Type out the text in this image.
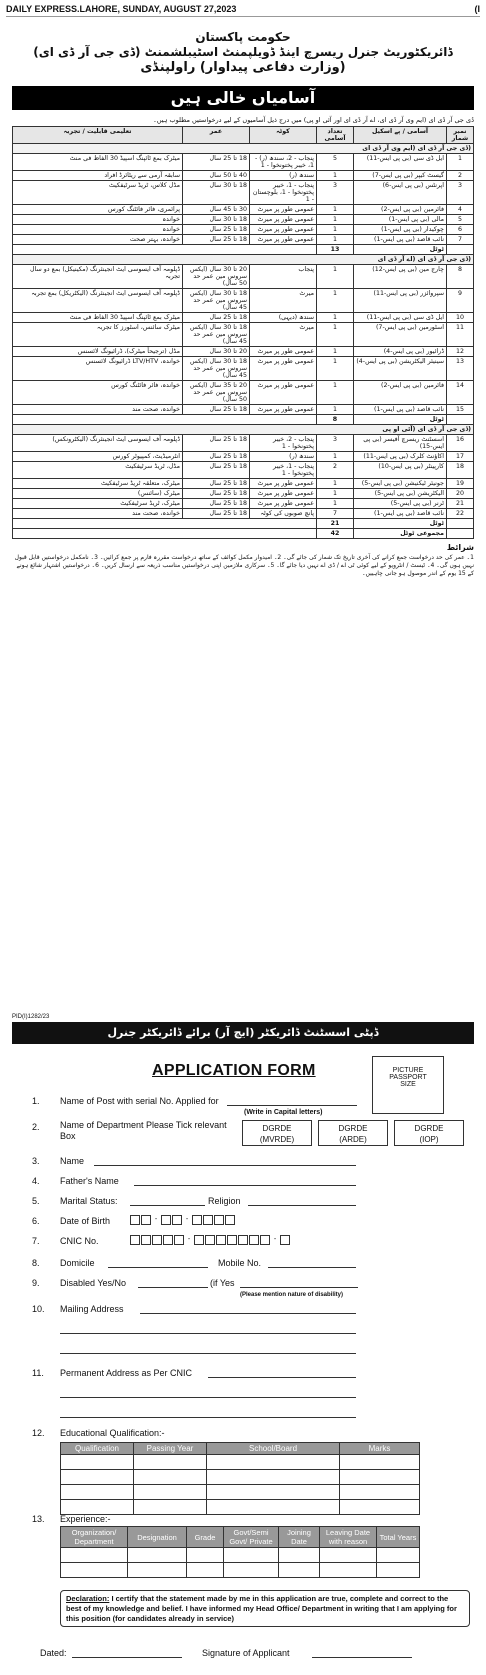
DAILY EXPRESS.LAHORE, SUNDAY, AUGUST 27,2023	(I
حکومت پاکستان
ڈائریکٹوریٹ جنرل ریسرچ اینڈ ڈویلپمنٹ اسٹیبلشمنٹ (ڈی جی آر ڈی ای)
(وزارت دفاعی پیداوار) راولپنڈی
آسامیاں خالی ہیں
ڈی جی آر ڈی ای (ایم وی آر ڈی ای، اے آر ڈی ای اور آئی او پی) میں درج ذیل آسامیوں کے لیے درخواستیں مطلوب ہیں۔
نمبر شمار	آسامی / پے اسکیل	تعداد آسامی	کوٹہ	عمر	تعلیمی قابلیت / تجربہ
(ڈی جی آر ڈی ای (ایم وی آر ڈی ای					
1	ایل ڈی سی (بی پی ایس-11)	5	پنجاب - 2، سندھ (ر) - 1، خیبر پختونخوا - 1	18 تا 25 سال	میٹرک بمع ٹائپنگ اسپیڈ 30 الفاظ فی منٹ
2	گیسٹ کیپر (بی پی ایس-7)	1	سندھ (ر)	40 تا 50 سال	سابقہ آرمی سے ریٹائرڈ افراد
3	اپرنٹس (بی پی ایس-6)	3	پنجاب - 1، خیبر پختونخوا - 1، بلوچستان - 1	18 تا 30 سال	مڈل کلاس، ٹریڈ سرٹیفکیٹ
4	فائرمین (بی پی ایس-2)	1	عمومی طور پر میرٹ	30 تا 45 سال	پرائمری، فائر فائٹنگ کورس
5	مالی (بی پی ایس-1)	1	عمومی طور پر میرٹ	18 تا 30 سال	خواندہ
6	چوکیدار (بی پی ایس-1)	1	عمومی طور پر میرٹ	18 تا 25 سال	خواندہ
7	نائب قاصد (بی پی ایس-1)	1	عمومی طور پر میرٹ	18 تا 25 سال	خواندہ، بہتر صحت
	ٹوٹل	13			
(ڈی جی آر ڈی ای (اے آر ڈی ای					
8	چارج مین (بی پی ایس-12)	1	پنجاب	20 تا 30 سال (ایکس سروس مین عمر حد 50 سال)	ڈپلومہ آف ایسوسی ایٹ انجینئرنگ (مکینیکل) بمع دو سال تجربہ
9	سپروائزر (بی پی ایس-11)	1	میرٹ	18 تا 30 سال (ایکس سروس مین عمر حد 45 سال)	ڈپلومہ آف ایسوسی ایٹ انجینئرنگ (الیکٹریکل) بمع تجربہ
10	ایل ڈی سی (بی پی ایس-11)	1	سندھ (دیہی)	18 تا 25 سال	میٹرک بمع ٹائپنگ اسپیڈ 30 الفاظ فی منٹ
11	اسٹورمین (بی پی ایس-7)	1	میرٹ	18 تا 30 سال (ایکس سروس مین عمر حد 45 سال)	میٹرک سائنس، اسٹورز کا تجربہ
12	ڈرائیور (بی پی ایس-4)	1	عمومی طور پر میرٹ	20 تا 30 سال	مڈل (ترجیحاً میٹرک)، ڈرائیونگ لائسنس
13	سینیئر الیکٹریشن (بی پی ایس-4)	1	عمومی طور پر میرٹ	18 تا 30 سال (ایکس سروس مین عمر حد 45 سال)	خواندہ، LTV/HTV ڈرائیونگ لائسنس
14	فائرمین (بی پی ایس-2)	1	عمومی طور پر میرٹ	20 تا 35 سال (ایکس سروس مین عمر حد 50 سال)	خواندہ، فائر فائٹنگ کورس
15	نائب قاصد (بی پی ایس-1)	1	عمومی طور پر میرٹ	18 تا 25 سال	خواندہ، صحت مند
	ٹوٹل	8			
(ڈی جی آر ڈی ای (آئی او پی					
16	اسسٹنٹ ریسرچ آفیسر (بی پی ایس-15)	3	پنجاب - 2، خیبر پختونخوا - 1	18 تا 25 سال	ڈپلومہ آف ایسوسی ایٹ انجینئرنگ (الیکٹرونکس)
17	اکاؤنٹ کلرک (بی پی ایس-11)	1	سندھ (ر)	18 تا 25 سال	انٹرمیڈیٹ، کمپیوٹر کورس
18	کارپینٹر (بی پی ایس-10)	2	پنجاب - 1، خیبر پختونخوا - 1	18 تا 25 سال	مڈل، ٹریڈ سرٹیفکیٹ
19	جونیئر ٹیکنیشن (بی پی ایس-5)	1	عمومی طور پر میرٹ	18 تا 25 سال	میٹرک، متعلقہ ٹریڈ سرٹیفکیٹ
20	الیکٹریشن (بی پی ایس-5)	1	عمومی طور پر میرٹ	18 تا 25 سال	میٹرک (سائنس)
21	ٹرنر (بی پی ایس-5)	1	عمومی طور پر میرٹ	18 تا 25 سال	میٹرک، ٹریڈ سرٹیفکیٹ
22	نائب قاصد (بی پی ایس-1)	7	پانچ صوبوں کی کوٹہ	18 تا 25 سال	خواندہ، صحت مند
	ٹوٹل	21			
	مجموعی ٹوٹل	42			
شرائط
1۔ عمر کی حد درخواست جمع کرانے کی آخری تاریخ تک شمار کی جائے گی۔ 2۔ امیدوار مکمل کوائف کے ساتھ درخواست مقررہ فارم پر جمع کرائیں۔ 3۔ نامکمل درخواستیں قابل قبول نہیں ہوں گی۔ 4۔ ٹیسٹ / انٹرویو کے لیے کوئی ٹی اے / ڈی اے نہیں دیا جائے گا۔ 5۔ سرکاری ملازمین اپنی درخواستیں مناسب ذریعہ سے ارسال کریں۔ 6۔ درخواستیں اشتہار شائع ہونے کے 15 یوم کے اندر موصول ہو جانی چاہییں۔
PID(I)1282/23
ڈپٹی اسسٹنٹ ڈائریکٹر (ایچ آر) برائے ڈائریکٹر جنرل
APPLICATION FORM	PICTURE
PASSPORT
SIZE
1. Name of Post with serial No. Applied for
(Write in Capital letters)
2. Name of Department Please Tick relevant
Box
DGRDE
(MVRDE)
DGRDE
(ARDE)
DGRDE
(IOP)
3. Name
4. Father's Name
5. Marital Status:	Religion
6. Date of Birth	-	-
7. CNIC No.	-	-
8. Domicile	Mobile No.
9. Disabled Yes/No	(if Yes
(Please mention nature of disability)
10. Mailing Address
11. Permanent Address as Per CNIC
12. Educational Qualification:-
Qualification	Passing Year	School/Board	Marks

13. Experience:-
Organization/ Department	Designation	Grade	Govt/Semi Govt/ Private	Joining Date	Leaving Date with reason	Total Years

Declaration: I certify that the statement made by me in this application are true, complete and correct to the best of my knowledge and belief. I have informed my Head Office/ Department in writing that I am applying for this position (for candidates already in service)
Dated:	Signature of Applicant
